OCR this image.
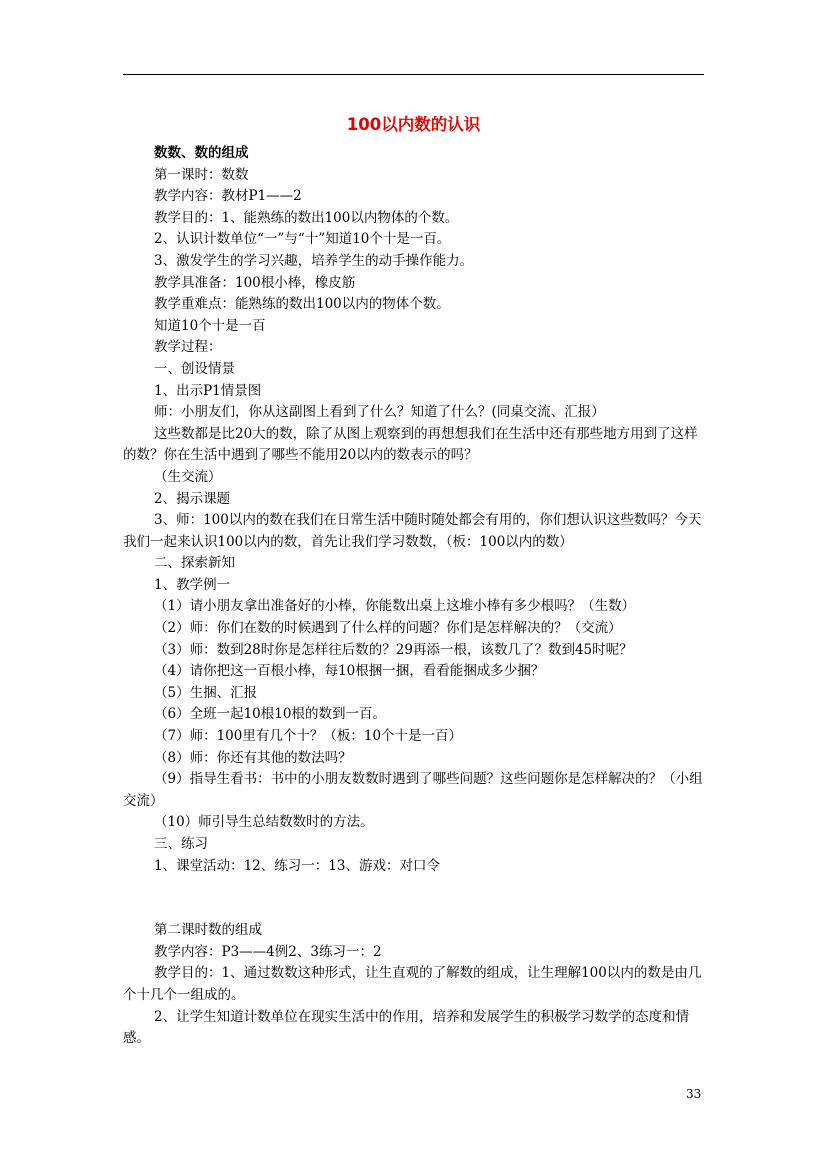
100以内数的认识

数数、数的组成

第一课时：数数

教学内容：教材P1——2

教学目的：1、能熟练的数出100以内物体的个数。

2、认识计数单位“一”与“十”知道10个十是一百。

3、激发学生的学习兴趣，培养学生的动手操作能力。

教学具准备：100根小棒，橡皮筋

教学重难点：能熟练的数出100以内的物体个数。

知道10个十是一百

教学过程：

一、创设情景

1、出示P1情景图

师：小朋友们，你从这副图上看到了什么？知道了什么？(同桌交流、汇报）

这些数都是比20大的数，除了从图上观察到的再想想我们在生活中还有那些地方用到了这样的数？你在生活中遇到了哪些不能用20以内的数表示的吗？

（生交流）

2、揭示课题

3、师：100以内的数在我们在日常生活中随时随处都会有用的，你们想认识这些数吗？今天我们一起来认识100以内的数，首先让我们学习数数，（板：100以内的数）

二、探索新知

1、教学例一

（1）请小朋友拿出准备好的小棒，你能数出桌上这堆小棒有多少根吗？（生数）

（2）师：你们在数的时候遇到了什么样的问题？你们是怎样解决的？（交流）

（3）师：数到28时你是怎样往后数的？29再添一根，该数几了？数到45时呢？

（4）请你把这一百根小棒，每10根捆一捆，看看能捆成多少捆？

（5）生捆、汇报

（6）全班一起10根10根的数到一百。

（7）师：100里有几个十？（板：10个十是一百）

（8）师：你还有其他的数法吗？

（9）指导生看书：书中的小朋友数数时遇到了哪些问题？这些问题你是怎样解决的？（小组交流）

（10）师引导生总结数数时的方法。

三、练习

1、课堂活动：12、练习一：13、游戏：对口令

第二课时数的组成

教学内容：P3——4例2、3练习一：2

教学目的：1、通过数数这种形式，让生直观的了解数的组成，让生理解100以内的数是由几个十几个一组成的。

2、让学生知道计数单位在现实生活中的作用，培养和发展学生的积极学习数学的态度和情感。

33
